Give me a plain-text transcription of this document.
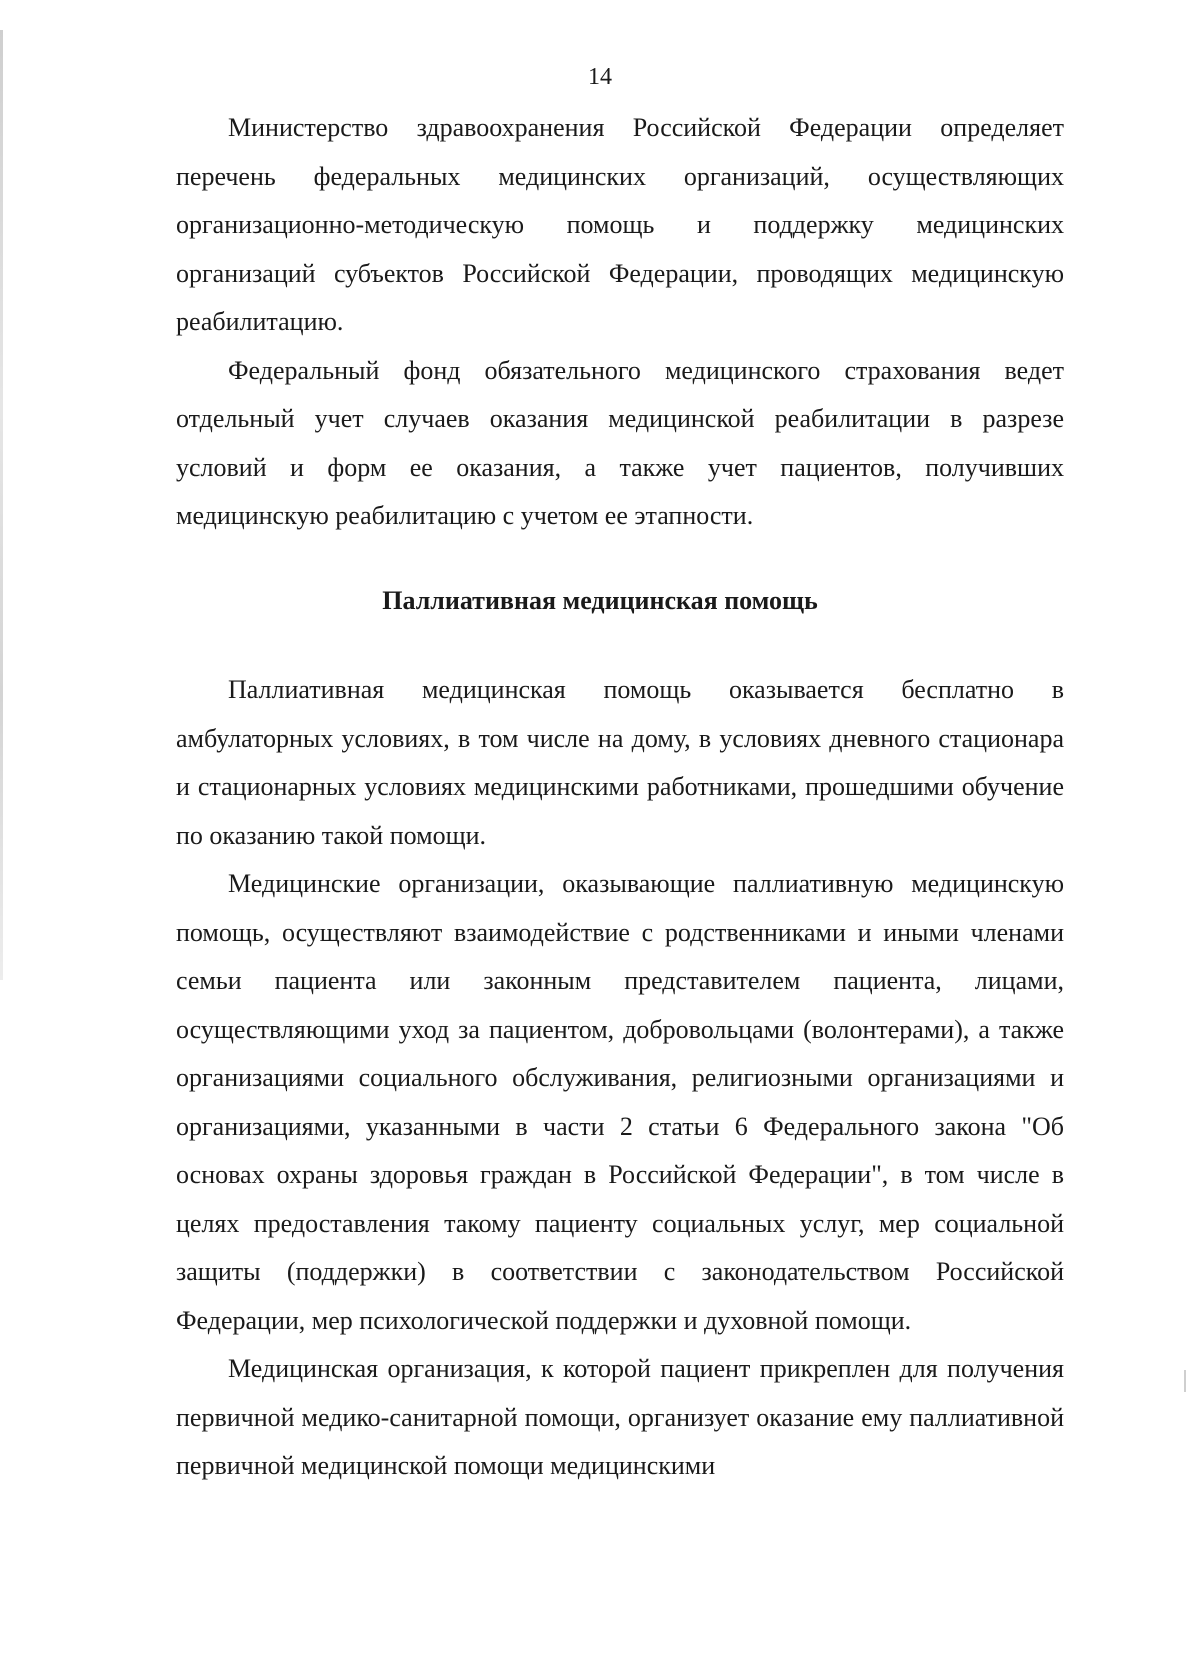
14

Министерство здравоохранения Российской Федерации определяет перечень федеральных медицинских организаций, осуществляющих организационно-методическую помощь и поддержку медицинских организаций субъектов Российской Федерации, проводящих медицинскую реабилитацию.

Федеральный фонд обязательного медицинского страхования ведет отдельный учет случаев оказания медицинской реабилитации в разрезе условий и форм ее оказания, а также учет пациентов, получивших медицинскую реабилитацию с учетом ее этапности.

Паллиативная медицинская помощь

Паллиативная медицинская помощь оказывается бесплатно в амбулаторных условиях, в том числе на дому, в условиях дневного стационара и стационарных условиях медицинскими работниками, прошедшими обучение по оказанию такой помощи.

Медицинские организации, оказывающие паллиативную медицинскую помощь, осуществляют взаимодействие с родственниками и иными членами семьи пациента или законным представителем пациента, лицами, осуществляющими уход за пациентом, добровольцами (волонтерами), а также организациями социального обслуживания, религиозными организациями и организациями, указанными в части 2 статьи 6 Федерального закона "Об основах охраны здоровья граждан в Российской Федерации", в том числе в целях предоставления такому пациенту социальных услуг, мер социальной защиты (поддержки) в соответствии с законодательством Российской Федерации, мер психологической поддержки и духовной помощи.

Медицинская организация, к которой пациент прикреплен для получения первичной медико-санитарной помощи, организует оказание ему паллиативной первичной медицинской помощи медицинскими
